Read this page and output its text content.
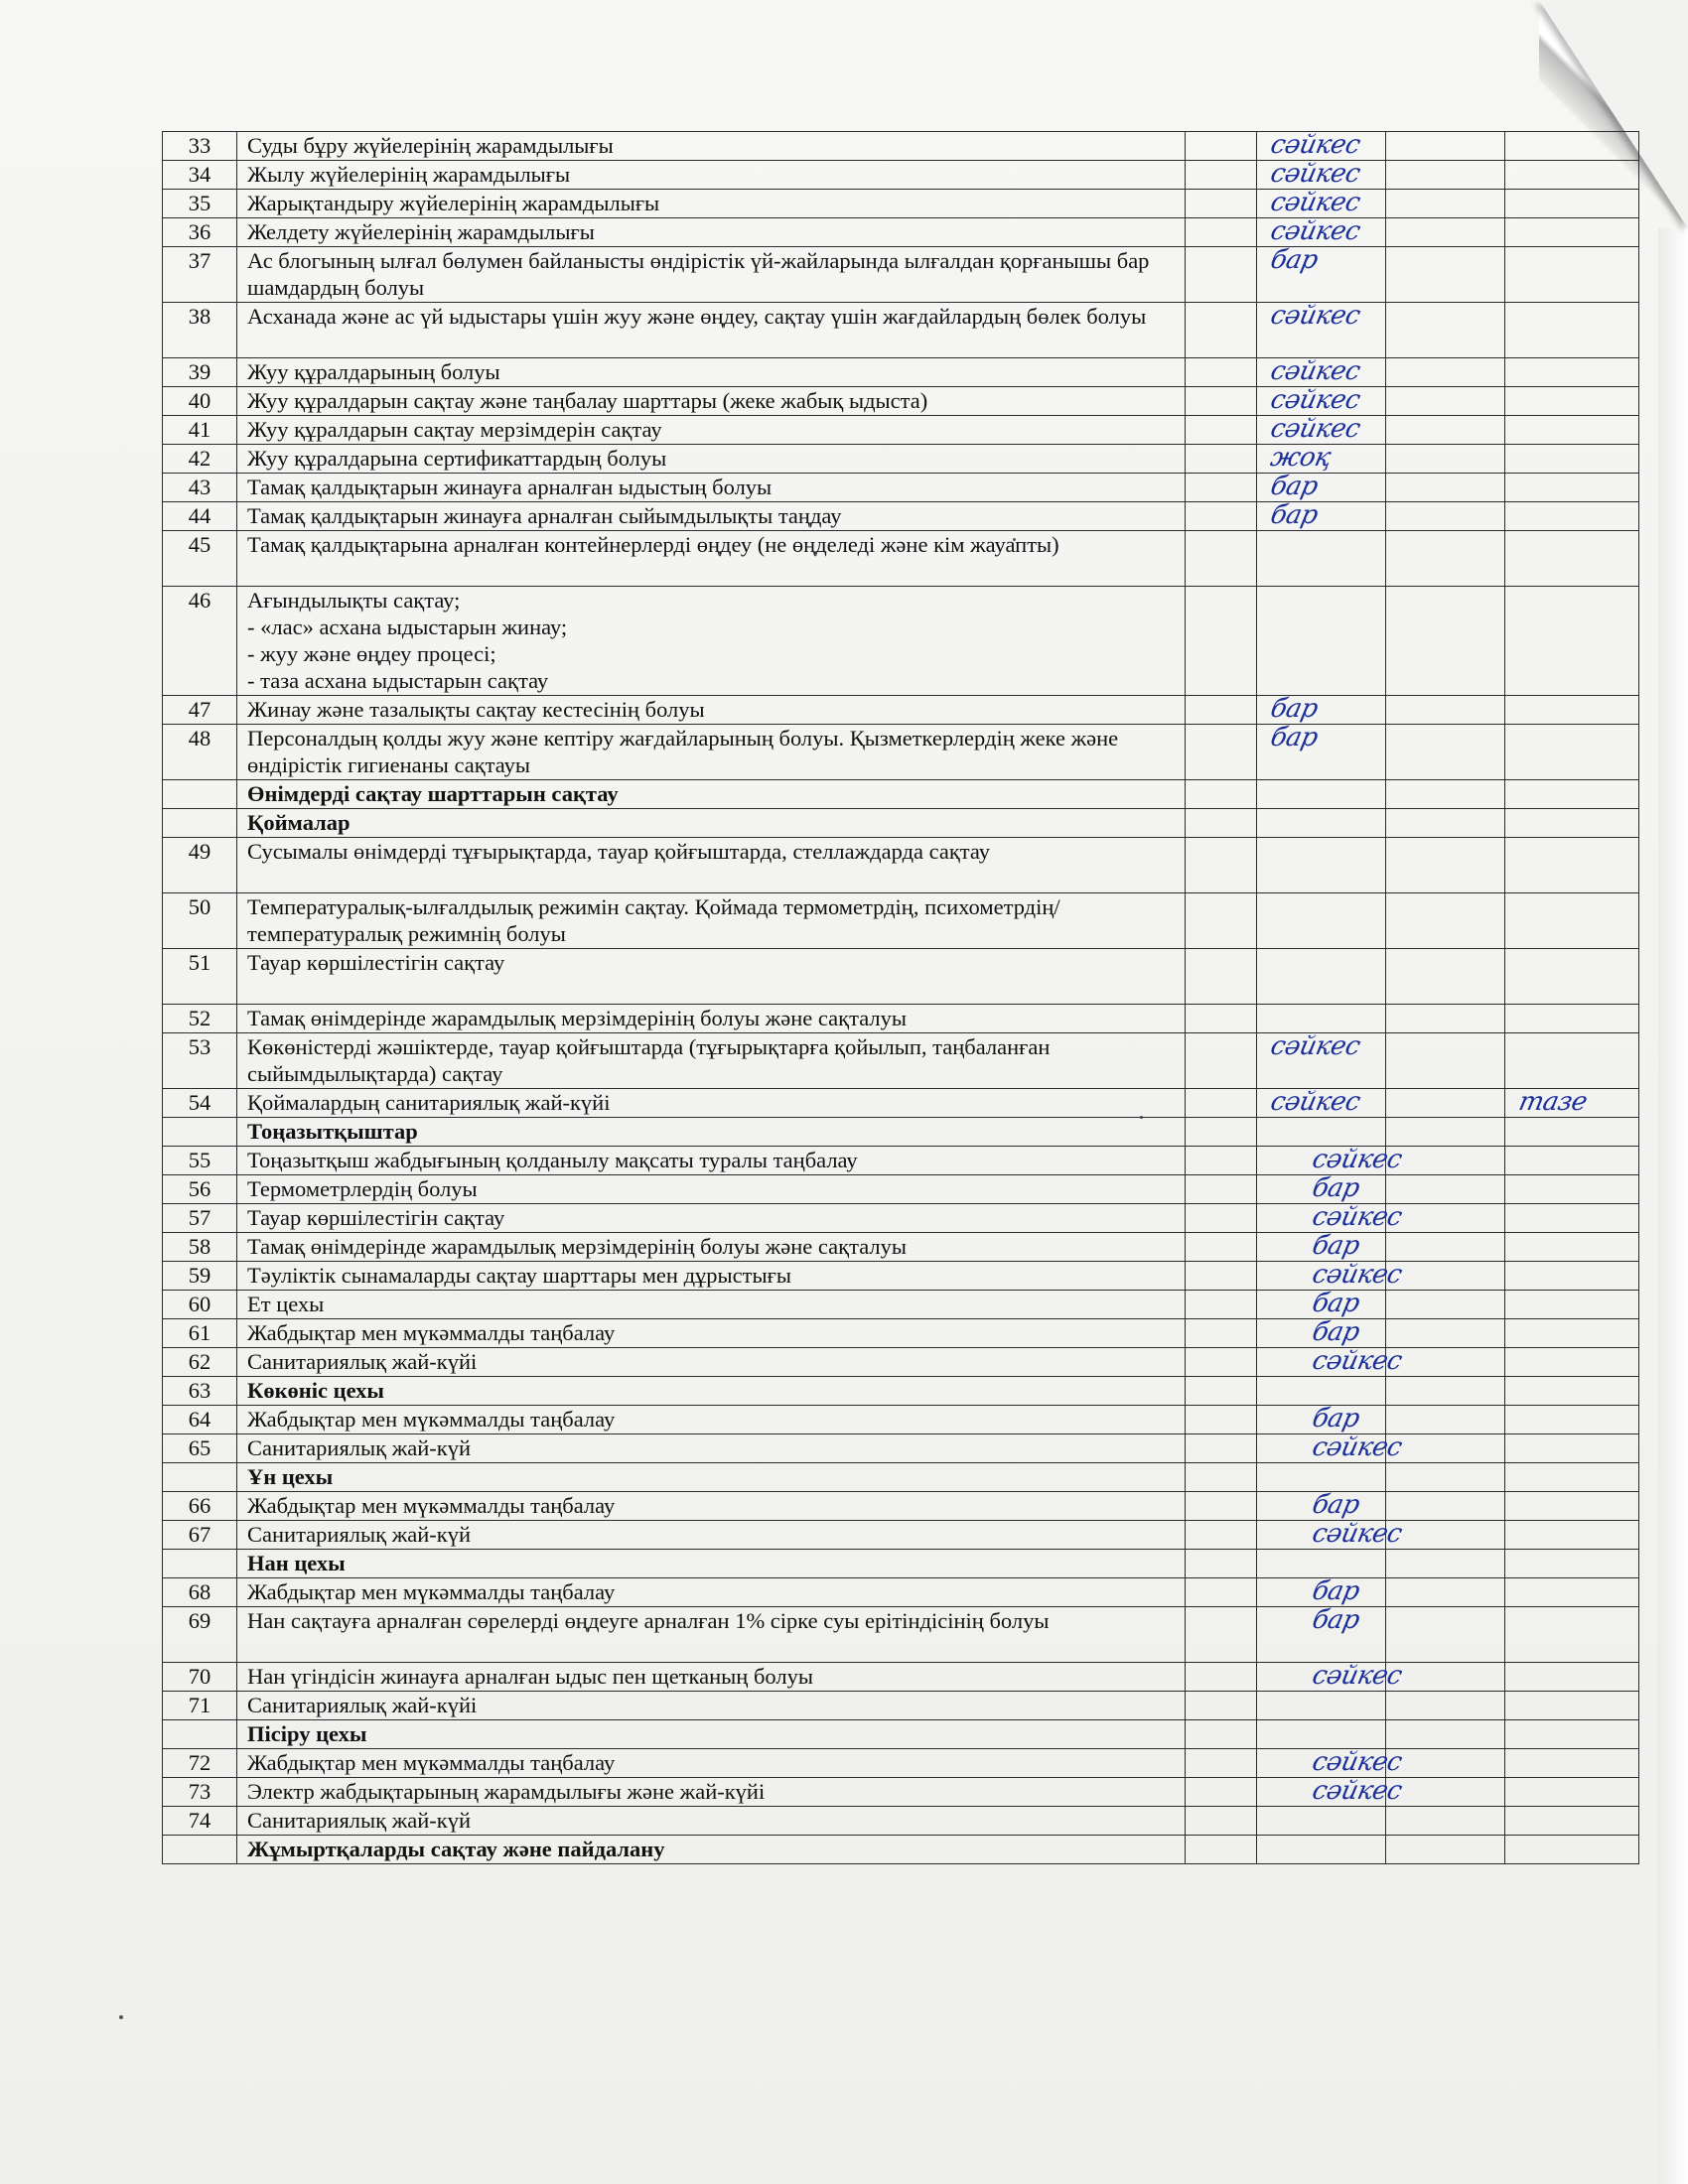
33	Суды бұру жүйелерінің жарамдылығы		сәйкес		
34	Жылу жүйелерінің жарамдылығы		сәйкес		
35	Жарықтандыру жүйелерінің жарамдылығы		сәйкес		
36	Желдету жүйелерінің жарамдылығы		сәйкес		
37	Ас блогының ылғал бөлумен байланысты өндірістік үй-жайларында ылғалдан қорғанышы бар шамдардың болуы		бар		
38	Асханада және ас үй ыдыстары үшін жуу және өңдеу, сақтау үшін жағдайлардың бөлек болуы		сәйкес		
39	Жуу құралдарының болуы		сәйкес		
40	Жуу құралдарын сақтау және таңбалау шарттары (жеке жабық ыдыста)		сәйкес		
41	Жуу құралдарын сақтау мерзімдерін сақтау		сәйкес		
42	Жуу құралдарына сертификаттардың болуы		жоқ		
43	Тамақ қалдықтарын жинауға арналған ыдыстың болуы		бар		
44	Тамақ қалдықтарын жинауға арналған сыйымдылықты таңдау		бар		
45	Тамақ қалдықтарына арналған контейнерлерді өңдеу (не өңделеді және кім жауапты)				
46	Ағындылықты сақтау;
- «лас» асхана ыдыстарын жинау;
- жуу және өңдеу процесі;
- таза асхана ыдыстарын сақтау				
47	Жинау және тазалықты сақтау кестесінің болуы		бар		
48	Персоналдың қолды жуу және кептіру жағдайларының болуы. Қызметкерлердің жеке және өндірістік гигиенаны сақтауы		бар		
	Өнімдерді сақтау шарттарын сақтау				
	Қоймалар				
49	Сусымалы өнімдерді тұғырықтарда, тауар қойғыштарда, стеллаждарда сақтау				
50	Температуралық-ылғалдылық режимін сақтау. Қоймада термометрдің, психометрдің/температуралық режимнің болуы				
51	Тауар көршілестігін сақтау				
52	Тамақ өнімдерінде жарамдылық мерзімдерінің болуы және сақталуы				
53	Көкөністерді жәшіктерде, тауар қойғыштарда (тұғырықтарға қойылып, таңбаланған сыйымдылықтарда) сақтау		сәйкес		
54	Қоймалардың санитариялық жай-күйі		сәйкес		тазе
	Тоңазытқыштар				
55	Тоңазытқыш жабдығының қолданылу мақсаты туралы таңбалау		сәйкес		
56	Термометрлердің болуы		бар		
57	Тауар көршілестігін сақтау		сәйкес		
58	Тамақ өнімдерінде жарамдылық мерзімдерінің болуы және сақталуы		бар		
59	Тәуліктік сынамаларды сақтау шарттары мен дұрыстығы		сәйкес		
60	Ет цехы		бар		
61	Жабдықтар мен мүкәммалды таңбалау		бар		
62	Санитариялық жай-күйі		сәйкес		
63	Көкөніс цехы				
64	Жабдықтар мен мүкәммалды таңбалау		бар		
65	Санитариялық жай-күй		сәйкес		
	Ұн цехы				
66	Жабдықтар мен мүкәммалды таңбалау		бар		
67	Санитариялық жай-күй		сәйкес		
	Нан цехы				
68	Жабдықтар мен мүкәммалды таңбалау		бар		
69	Нан сақтауға арналған сөрелерді өңдеуге арналған 1% сірке суы ерітіндісінің болуы		бар		
70	Нан үгіндісін жинауға арналған ыдыс пен щетканың болуы		сәйкес		
71	Санитариялық жай-күйі				
	Пісіру цехы				
72	Жабдықтар мен мүкәммалды таңбалау		сәйкес		
73	Электр жабдықтарының жарамдылығы және жай-күйі		сәйкес		
74	Санитариялық жай-күй				
	Жұмыртқаларды сақтау және пайдалану				
